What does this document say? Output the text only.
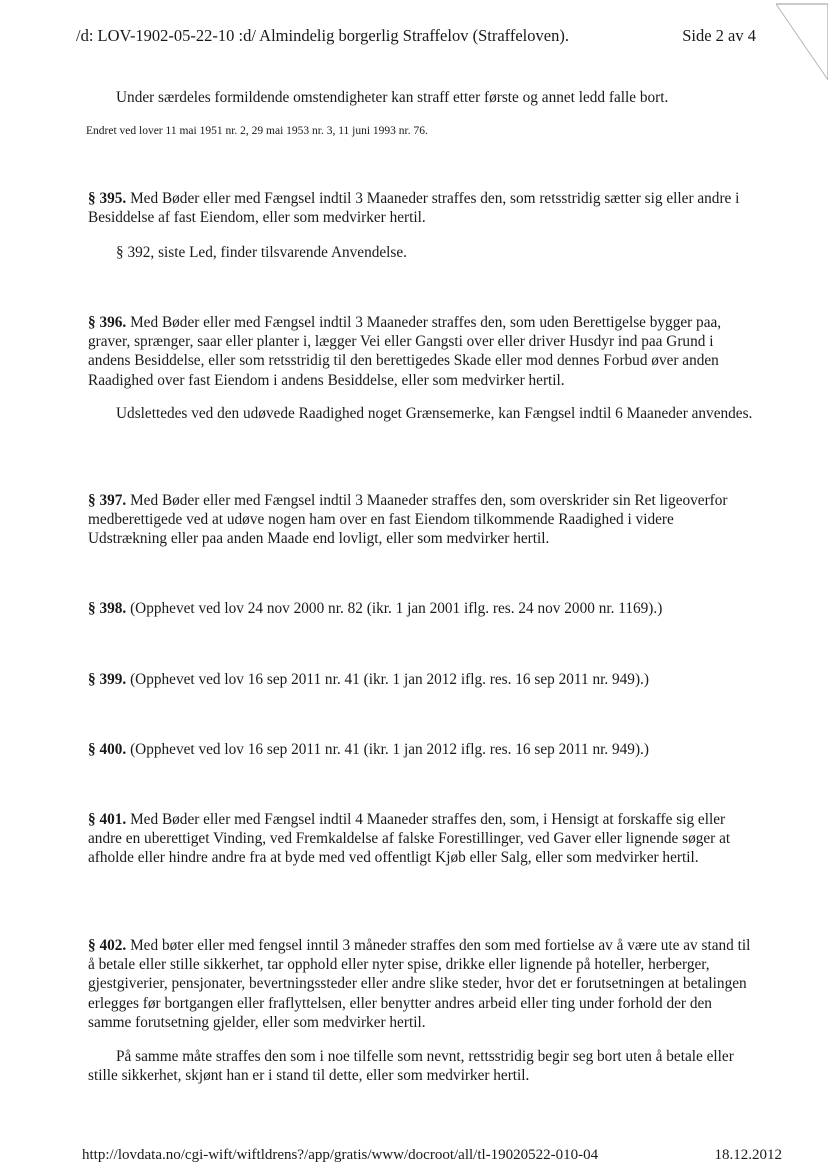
/d: LOV-1902-05-22-10 :d/ Almindelig borgerlig Straffelov (Straffeloven).	Side 2 av 4

Under særdeles formildende omstendigheter kan straff etter første og annet ledd falle bort.

Endret ved lover 11 mai 1951 nr. 2, 29 mai 1953 nr. 3, 11 juni 1993 nr. 76.

§ 395. Med Bøder eller med Fængsel indtil 3 Maaneder straffes den, som retsstridig sætter sig eller andre i Besiddelse af fast Eiendom, eller som medvirker hertil.

§ 392, siste Led, finder tilsvarende Anvendelse.

§ 396. Med Bøder eller med Fængsel indtil 3 Maaneder straffes den, som uden Berettigelse bygger paa, graver, sprænger, saar eller planter i, lægger Vei eller Gangsti over eller driver Husdyr ind paa Grund i andens Besiddelse, eller som retsstridig til den berettigedes Skade eller mod dennes Forbud øver anden Raadighed over fast Eiendom i andens Besiddelse, eller som medvirker hertil.

Udslettedes ved den udøvede Raadighed noget Grænsemerke, kan Fængsel indtil 6 Maaneder anvendes.

§ 397. Med Bøder eller med Fængsel indtil 3 Maaneder straffes den, som overskrider sin Ret ligeoverfor medberettigede ved at udøve nogen ham over en fast Eiendom tilkommende Raadighed i videre Udstrækning eller paa anden Maade end lovligt, eller som medvirker hertil.

§ 398. (Opphevet ved lov 24 nov 2000 nr. 82 (ikr. 1 jan 2001 iflg. res. 24 nov 2000 nr. 1169).)

§ 399. (Opphevet ved lov 16 sep 2011 nr. 41 (ikr. 1 jan 2012 iflg. res. 16 sep 2011 nr. 949).)

§ 400. (Opphevet ved lov 16 sep 2011 nr. 41 (ikr. 1 jan 2012 iflg. res. 16 sep 2011 nr. 949).)

§ 401. Med Bøder eller med Fængsel indtil 4 Maaneder straffes den, som, i Hensigt at forskaffe sig eller andre en uberettiget Vinding, ved Fremkaldelse af falske Forestillinger, ved Gaver eller lignende søger at afholde eller hindre andre fra at byde med ved offentligt Kjøb eller Salg, eller som medvirker hertil.

§ 402. Med bøter eller med fengsel inntil 3 måneder straffes den som med fortielse av å være ute av stand til å betale eller stille sikkerhet, tar opphold eller nyter spise, drikke eller lignende på hoteller, herberger, gjestgiverier, pensjonater, bevertningssteder eller andre slike steder, hvor det er forutsetningen at betalingen erlegges før bortgangen eller fraflyttelsen, eller benytter andres arbeid eller ting under forhold der den samme forutsetning gjelder, eller som medvirker hertil.

På samme måte straffes den som i noe tilfelle som nevnt, rettsstridig begir seg bort uten å betale eller stille sikkerhet, skjønt han er i stand til dette, eller som medvirker hertil.

http://lovdata.no/cgi-wift/wiftldrens?/app/gratis/www/docroot/all/tl-19020522-010-04	18.12.2012
